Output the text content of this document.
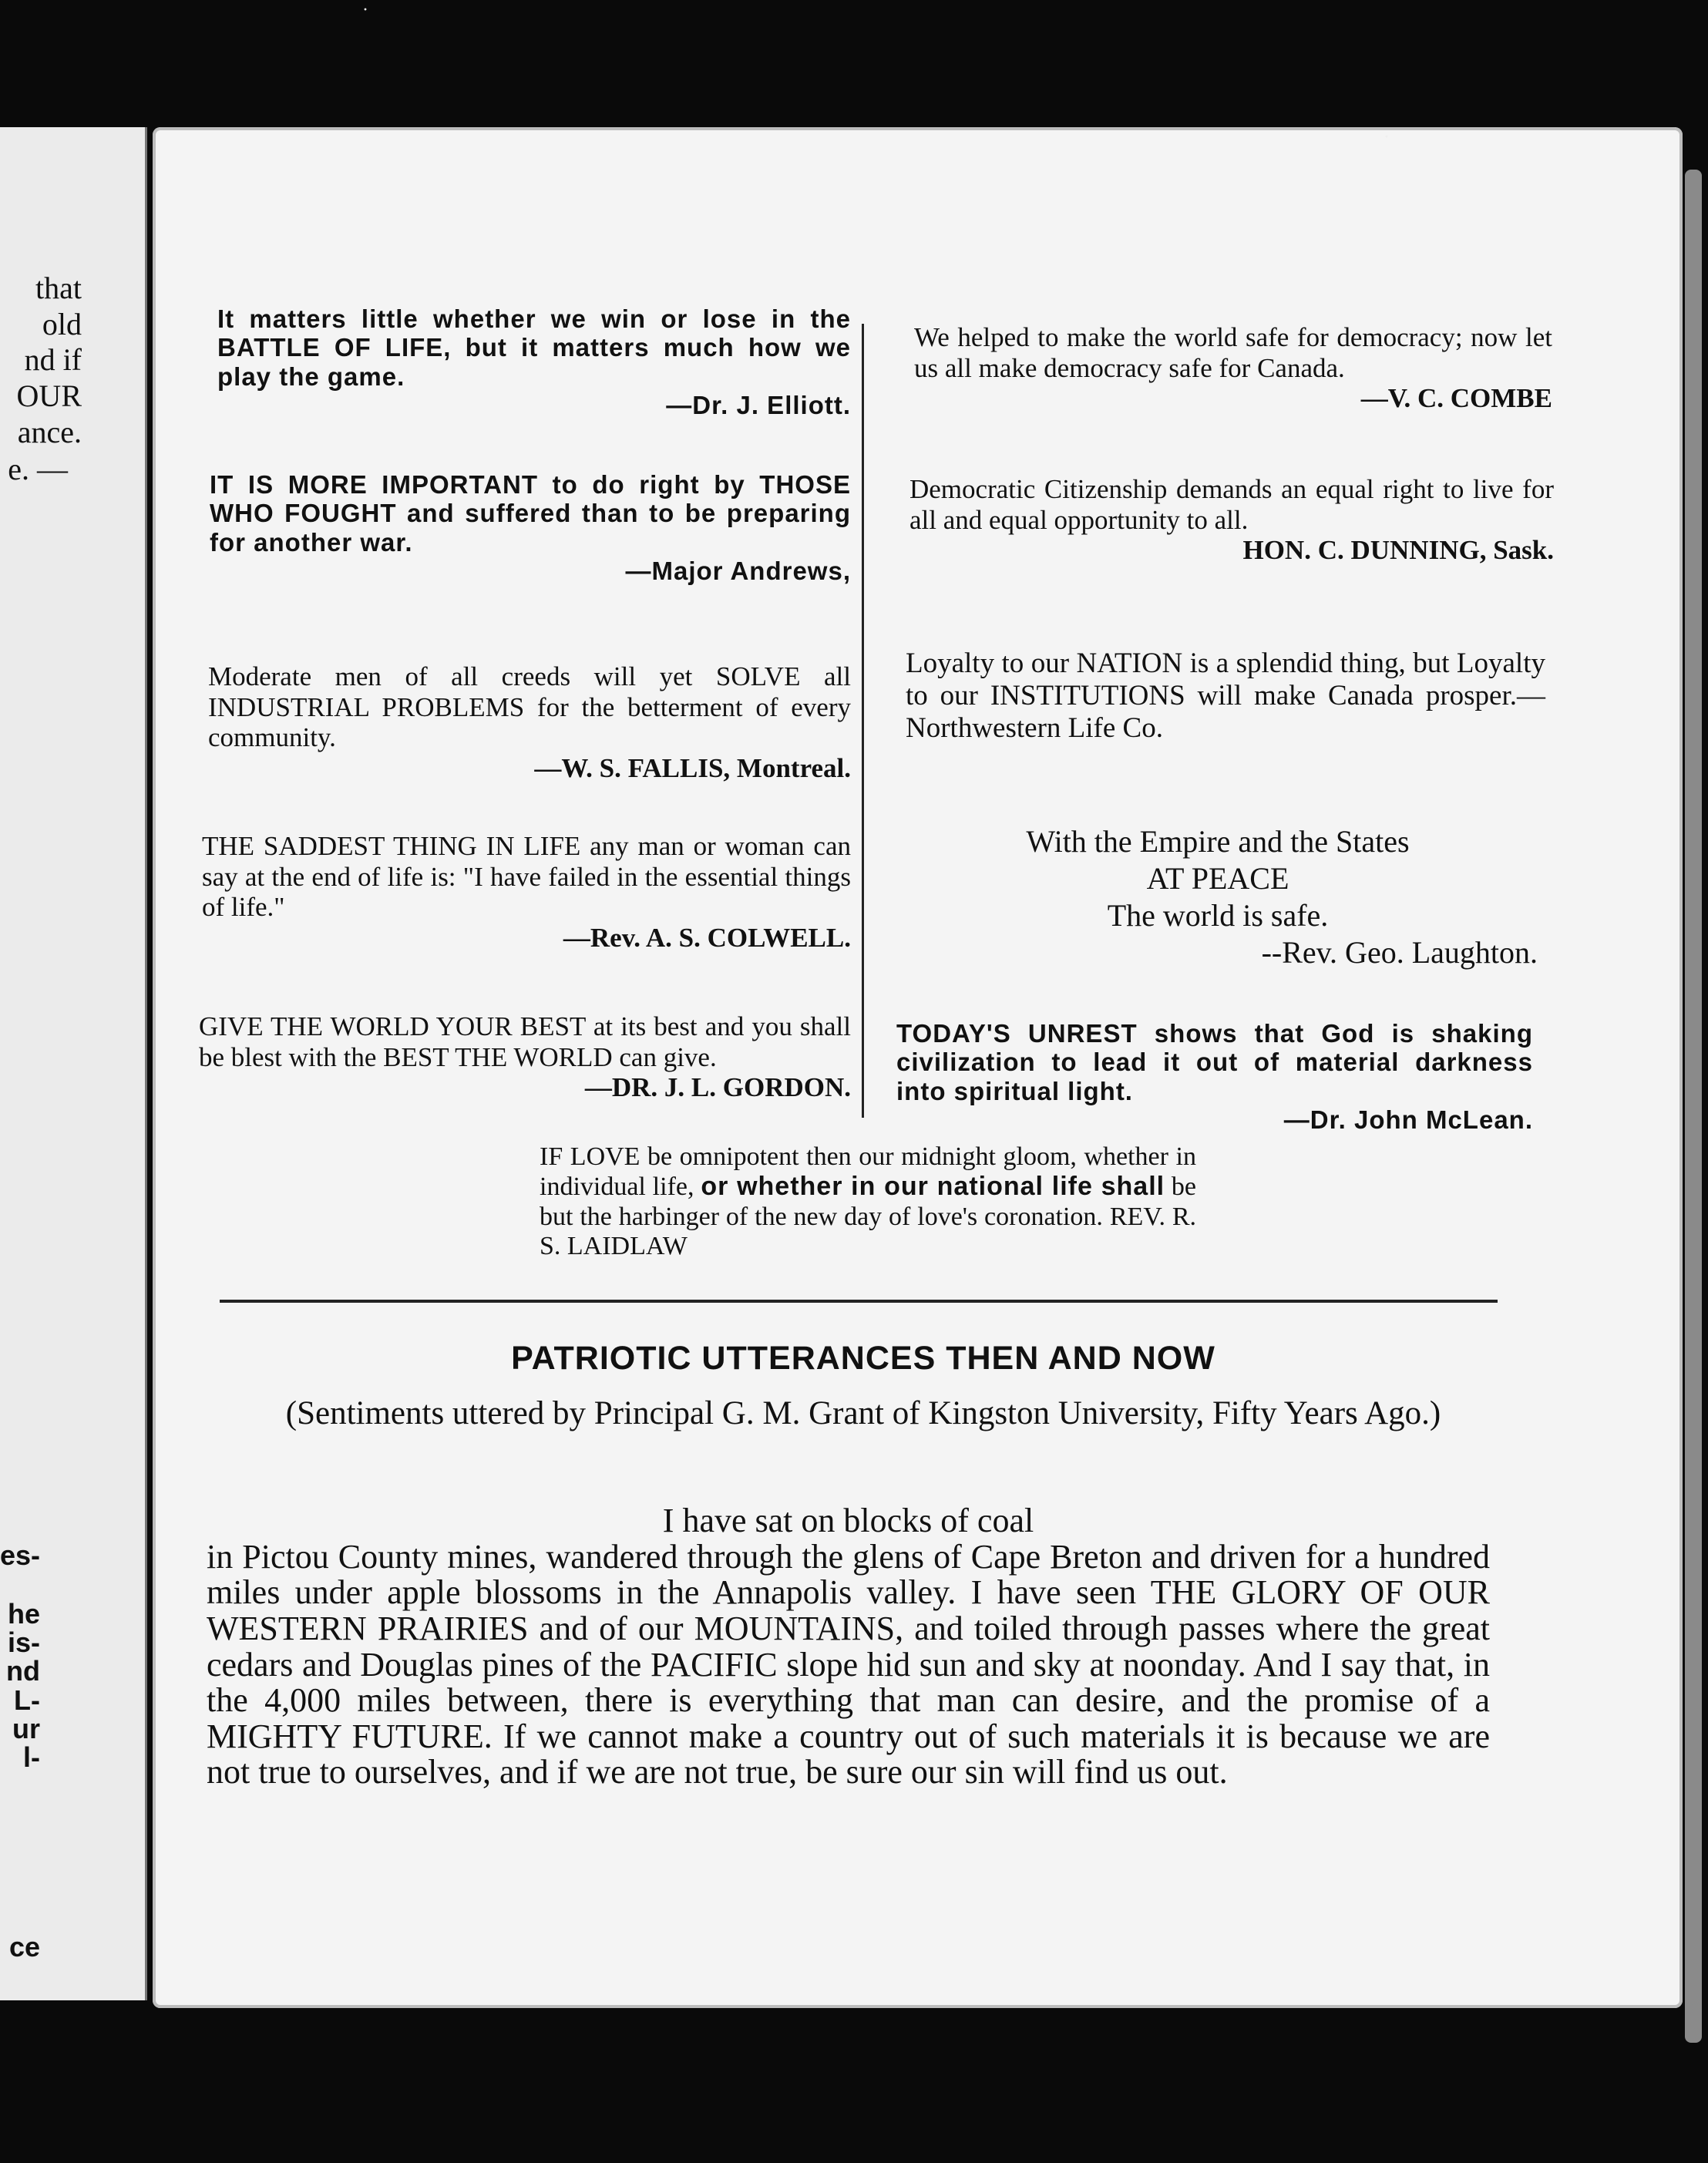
that
old
nd if
OUR
ance.
e. —
es-
he
is-
nd
L-
ur
l-
ce
·
·
It matters little whether we win or lose in the BATTLE OF LIFE, but it matters much how we play the game.
—Dr. J. Elliott.
IT IS MORE IMPORTANT to do right by THOSE WHO FOUGHT and suffered than to be preparing for another war.
—Major Andrews,
Moderate men of all creeds will yet SOLVE all INDUSTRIAL PROBLEMS for the betterment of every community.
—W. S. FALLIS, Montreal.
THE SADDEST THING IN LIFE any man or woman can say at the end of life is: "I have failed in the essential things of life."
—Rev. A. S. COLWELL.
GIVE THE WORLD YOUR BEST at its best and you shall be blest with the BEST THE WORLD can give.
—DR. J. L. GORDON.
We helped to make the world safe for democracy; now let us all make democracy safe for Canada.
—V. C. COMBE
Democratic Citizenship demands an equal right to live for all and equal opportunity to all.
HON. C. DUNNING, Sask.
Loyalty to our NATION is a splendid thing, but Loyalty to our INSTITUTIONS will make Canada prosper.—Northwestern Life Co.
With the Empire and the States
AT PEACE
The world is safe.
--Rev. Geo. Laughton.
TODAY'S UNREST shows that God is shaking civilization to lead it out of material darkness into spiritual light.
—Dr. John McLean.
IF LOVE be omnipotent then our midnight gloom, whether in individual life, or whether in our national life shall be but the harbinger of the new day of love's coronation. REV. R. S. LAIDLAW
PATRIOTIC UTTERANCES THEN AND NOW
(Sentiments uttered by Principal G. M. Grant of Kingston University, Fifty Years Ago.)
I have sat on blocks of coal
in Pictou County mines, wandered through the glens of Cape Breton and driven for a hundred miles under apple blossoms in the Annapolis valley. I have seen THE GLORY OF OUR WESTERN PRAIRIES and of our MOUNTAINS, and toiled through passes where the great cedars and Douglas pines of the PACIFIC slope hid sun and sky at noonday. And I say that, in the 4,000 miles between, there is everything that man can desire, and the promise of a MIGHTY FUTURE. If we cannot make a country out of such materials it is because we are not true to ourselves, and if we are not true, be sure our sin will find us out.
